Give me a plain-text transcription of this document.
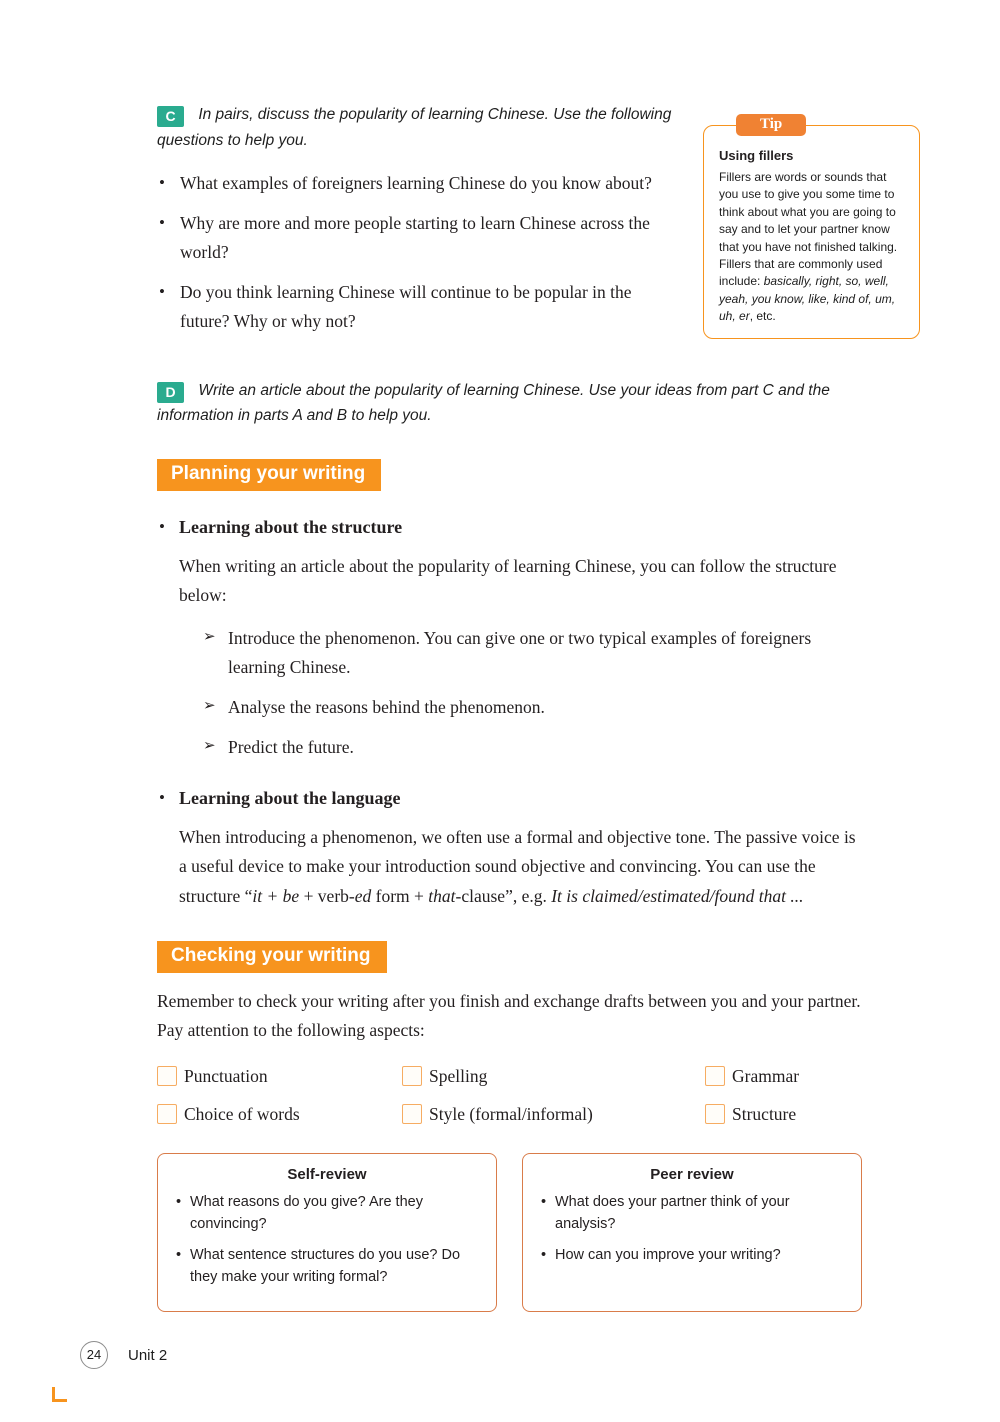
Tip
Using fillers

Fillers are words or sounds that you use to give you some time to think about what you are going to say and to let your partner know that you have not finished talking. Fillers that are commonly used include: basically, right, so, well, yeah, you know, like, kind of, um, uh, er, etc.

C In pairs, discuss the popularity of learning Chinese. Use the following questions to help you.

• What examples of foreigners learning Chinese do you know about?
• Why are more and more people starting to learn Chinese across the world?
• Do you think learning Chinese will continue to be popular in the future? Why or why not?

D Write an article about the popularity of learning Chinese. Use your ideas from part C and the information in parts A and B to help you.

Planning your writing
• Learning about the structure

When writing an article about the popularity of learning Chinese, you can follow the structure below:

➢ Introduce the phenomenon. You can give one or two typical examples of foreigners learning Chinese.
➢ Analyse the reasons behind the phenomenon.
➢ Predict the future.
• Learning about the language

When introducing a phenomenon, we often use a formal and objective tone. The passive voice is a useful device to make your introduction sound objective and convincing. You can use the structure “it + be + verb-ed form + that-clause”, e.g. It is claimed/estimated/found that ...

Checking your writing

Remember to check your writing after you finish and exchange drafts between you and your partner. Pay attention to the following aspects:

Punctuation	Spelling	Grammar
Choice of words	Style (formal/informal)	Structure
Self-review
• What reasons do you give? Are they convincing?
• What sentence structures do you use? Do they make your writing formal?
Peer review
• What does your partner think of your analysis?
• How can you improve your writing?
24	Unit 2
